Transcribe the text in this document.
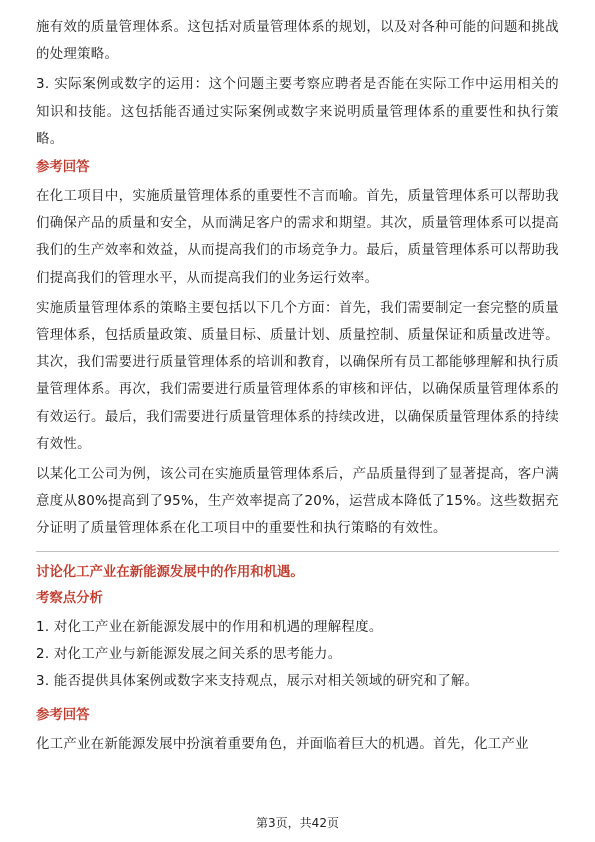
施有效的质量管理体系。这包括对质量管理体系的规划，以及对各种可能的问题和挑战的处理策略。

3. 实际案例或数字的运用：这个问题主要考察应聘者是否能在实际工作中运用相关的知识和技能。这包括能否通过实际案例或数字来说明质量管理体系的重要性和执行策略。

参考回答

在化工项目中，实施质量管理体系的重要性不言而喻。首先，质量管理体系可以帮助我们确保产品的质量和安全，从而满足客户的需求和期望。其次，质量管理体系可以提高我们的生产效率和效益，从而提高我们的市场竞争力。最后，质量管理体系可以帮助我们提高我们的管理水平，从而提高我们的业务运行效率。

实施质量管理体系的策略主要包括以下几个方面：首先，我们需要制定一套完整的质量管理体系，包括质量政策、质量目标、质量计划、质量控制、质量保证和质量改进等。其次，我们需要进行质量管理体系的培训和教育，以确保所有员工都能够理解和执行质量管理体系。再次，我们需要进行质量管理体系的审核和评估，以确保质量管理体系的有效运行。最后，我们需要进行质量管理体系的持续改进，以确保质量管理体系的持续有效性。

以某化工公司为例，该公司在实施质量管理体系后，产品质量得到了显著提高，客户满意度从80%提高到了95%，生产效率提高了20%，运营成本降低了15%。这些数据充分证明了质量管理体系在化工项目中的重要性和执行策略的有效性。

讨论化工产业在新能源发展中的作用和机遇。
考察点分析

1. 对化工产业在新能源发展中的作用和机遇的理解程度。

2. 对化工产业与新能源发展之间关系的思考能力。

3. 能否提供具体案例或数字来支持观点，展示对相关领域的研究和了解。

参考回答

化工产业在新能源发展中扮演着重要角色，并面临着巨大的机遇。首先，化工产业

第3页，共42页
